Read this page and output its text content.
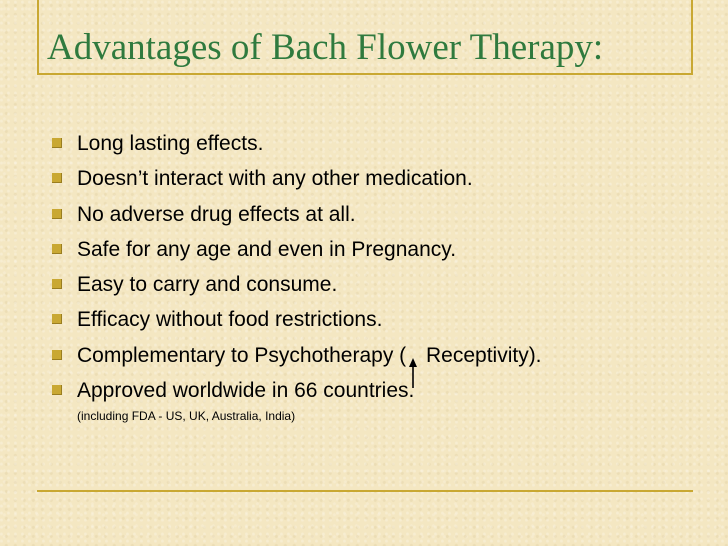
Advantages of Bach Flower Therapy:
Long lasting effects.
Doesn’t interact with any other medication.
No adverse drug effects at all.
Safe for any age and even in Pregnancy.
Easy to carry and consume.
Efficacy without food restrictions.
Complementary to Psychotherapy ( Receptivity).
Approved worldwide in 66 countries.

(including FDA - US, UK, Australia, India)
